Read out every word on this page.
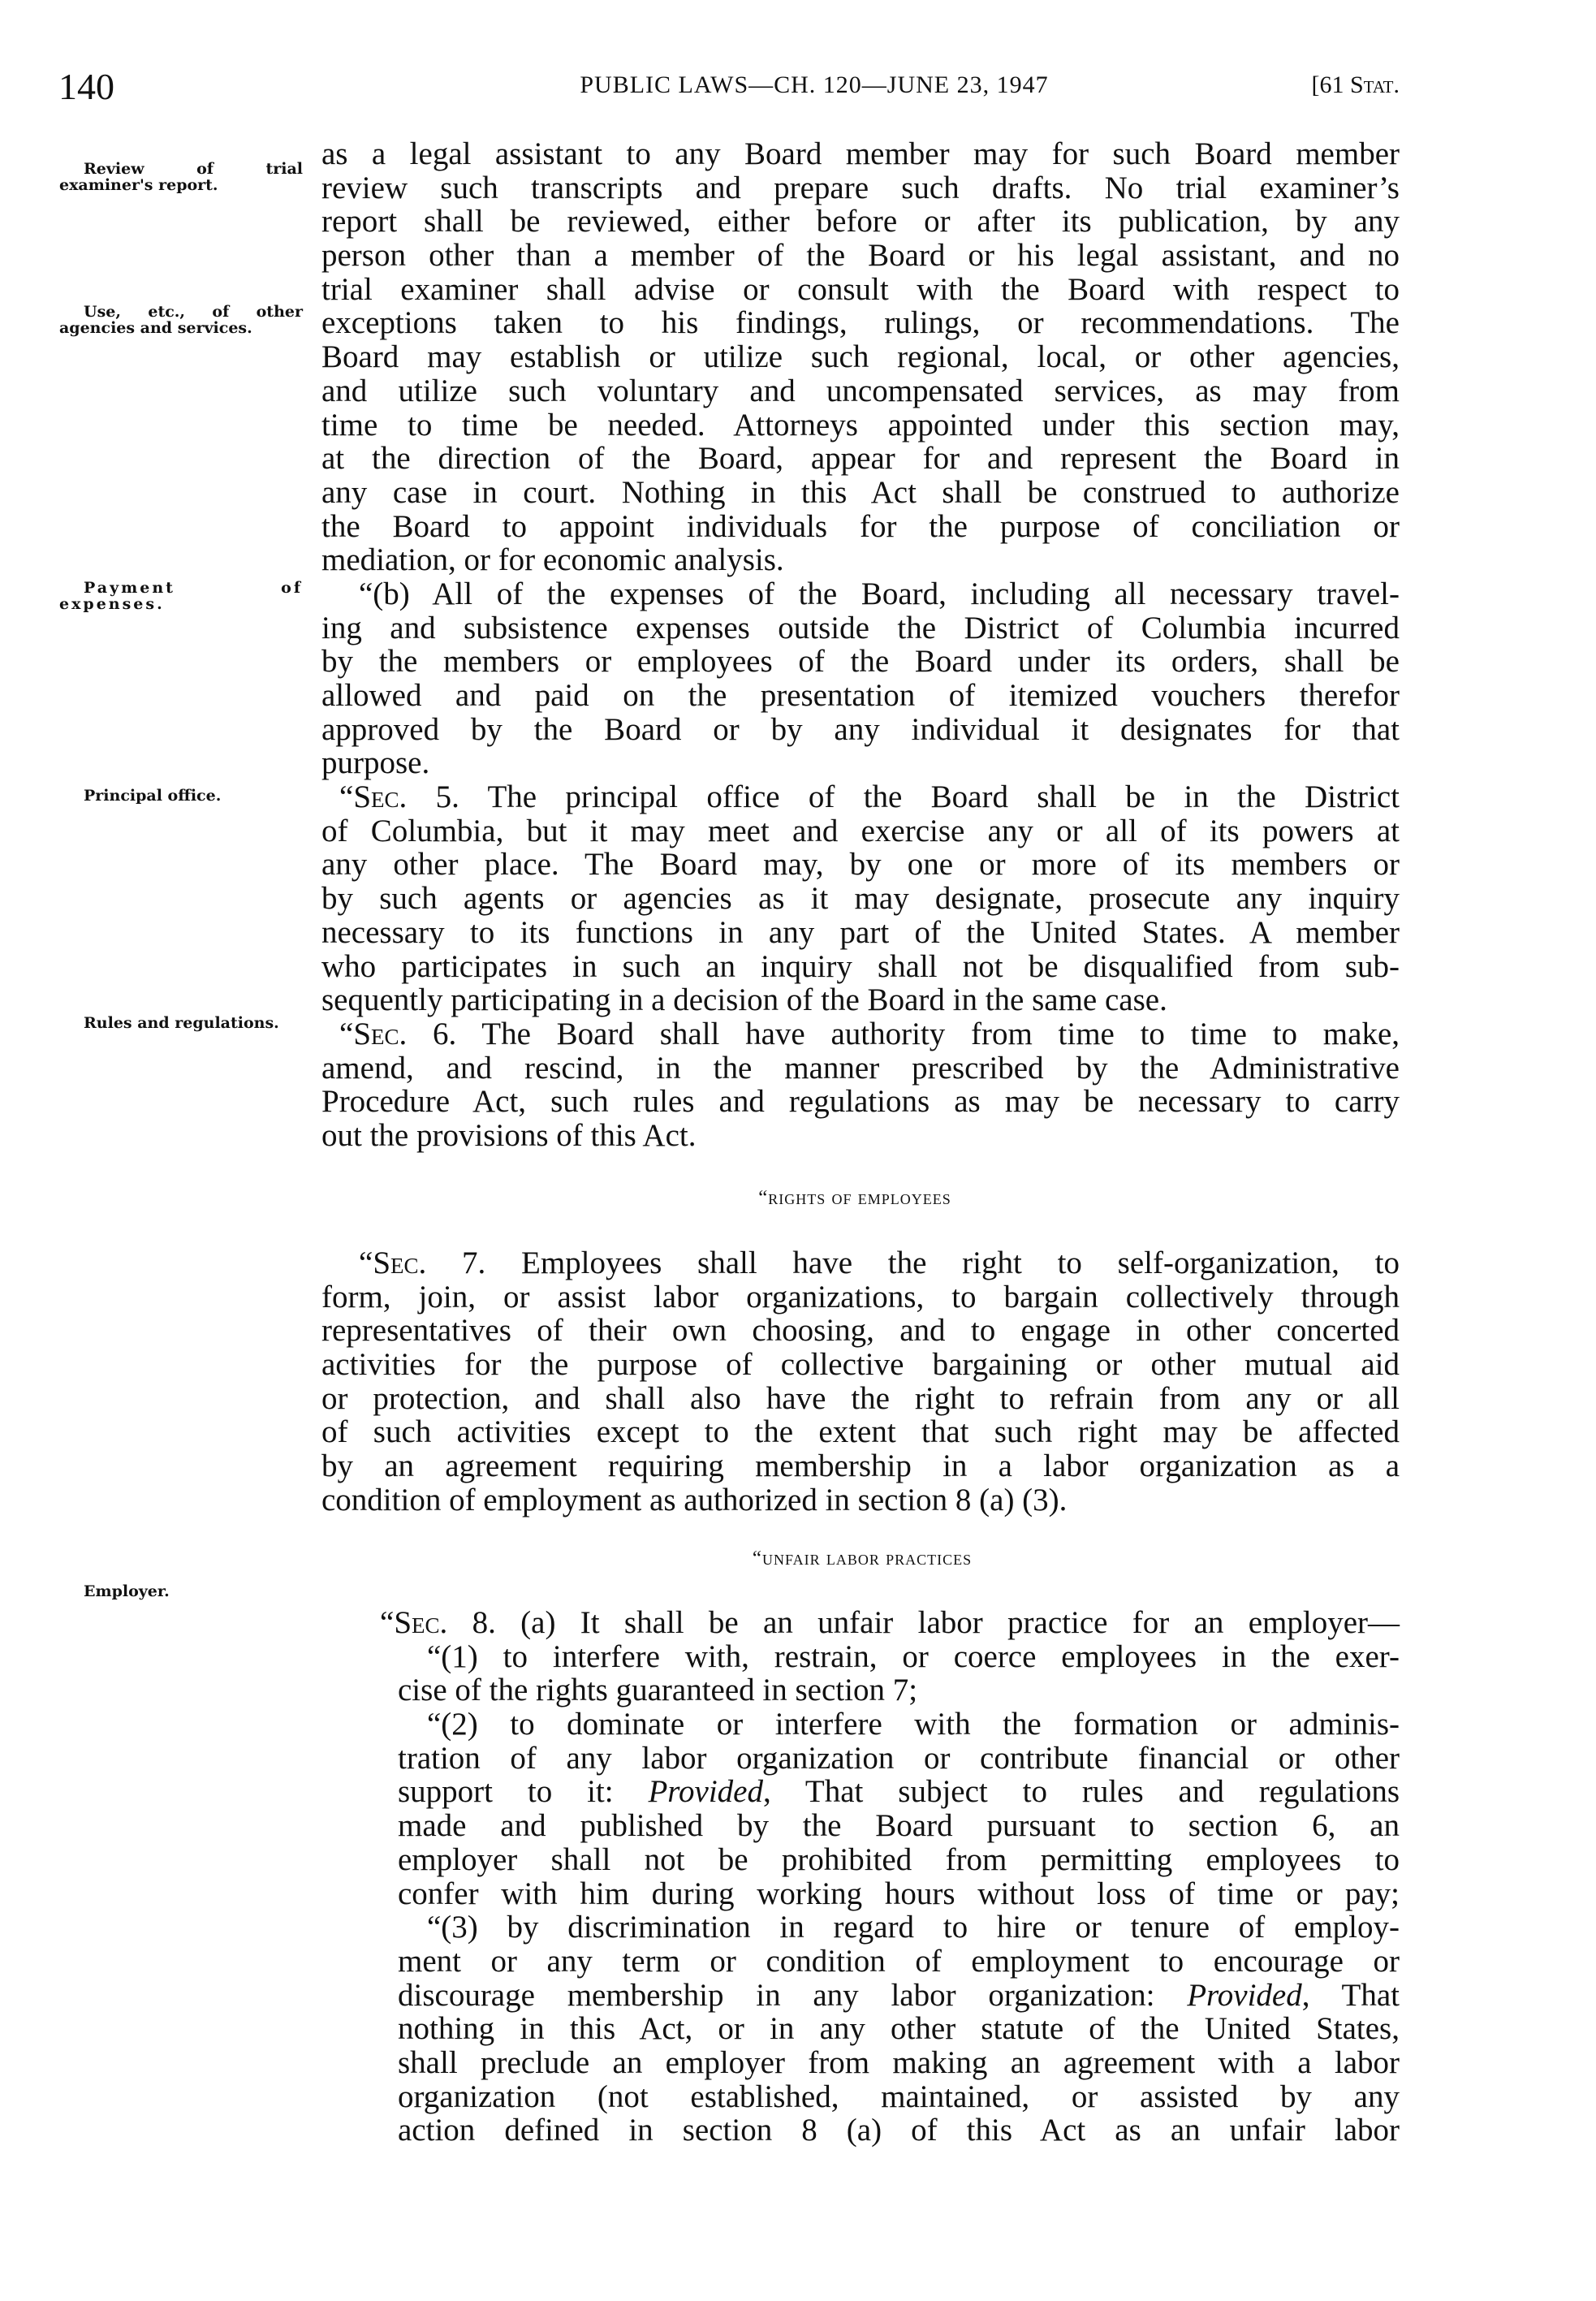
140	PUBLIC LAWS—CH. 120—JUNE 23, 1947	[61 Stat.
Review of trial examiner's report.
Use, etc., of other agencies and services.
Payment of expenses.
Principal office.
Rules and regulations.
Employer.
as a legal assistant to any Board member may for such Board member
review such transcripts and prepare such drafts. No trial examiner’s
report shall be reviewed, either before or after its publication, by any
person other than a member of the Board or his legal assistant, and no
trial examiner shall advise or consult with the Board with respect to
exceptions taken to his findings, rulings, or recommendations. The
Board may establish or utilize such regional, local, or other agencies,
and utilize such voluntary and uncompensated services, as may from
time to time be needed. Attorneys appointed under this section may,
at the direction of the Board, appear for and represent the Board in
any case in court. Nothing in this Act shall be construed to authorize
the Board to appoint individuals for the purpose of conciliation or
mediation, or for economic analysis.
“(b) All of the expenses of the Board, including all necessary travel-
ing and subsistence expenses outside the District of Columbia incurred
by the members or employees of the Board under its orders, shall be
allowed and paid on the presentation of itemized vouchers therefor
approved by the Board or by any individual it designates for that
purpose.
“Sec. 5. The principal office of the Board shall be in the District
of Columbia, but it may meet and exercise any or all of its powers at
any other place. The Board may, by one or more of its members or
by such agents or agencies as it may designate, prosecute any inquiry
necessary to its functions in any part of the United States. A member
who participates in such an inquiry shall not be disqualified from sub-
sequently participating in a decision of the Board in the same case.
“Sec. 6. The Board shall have authority from time to time to make,
amend, and rescind, in the manner prescribed by the Administrative
Procedure Act, such rules and regulations as may be necessary to carry
out the provisions of this Act.
“rights of employees
“Sec. 7. Employees shall have the right to self-organization, to
form, join, or assist labor organizations, to bargain collectively through
representatives of their own choosing, and to engage in other concerted
activities for the purpose of collective bargaining or other mutual aid
or protection, and shall also have the right to refrain from any or all
of such activities except to the extent that such right may be affected
by an agreement requiring membership in a labor organization as a
condition of employment as authorized in section 8 (a) (3).
“unfair labor practices
“Sec. 8. (a) It shall be an unfair labor practice for an employer—
“(1) to interfere with, restrain, or coerce employees in the exer-
cise of the rights guaranteed in section 7;
“(2) to dominate or interfere with the formation or adminis-
tration of any labor organization or contribute financial or other
support to it: Provided, That subject to rules and regulations
made and published by the Board pursuant to section 6, an
employer shall not be prohibited from permitting employees to
confer with him during working hours without loss of time or pay;
“(3) by discrimination in regard to hire or tenure of employ-
ment or any term or condition of employment to encourage or
discourage membership in any labor organization: Provided, That
nothing in this Act, or in any other statute of the United States,
shall preclude an employer from making an agreement with a labor
organization (not established, maintained, or assisted by any
action defined in section 8 (a) of this Act as an unfair labor
